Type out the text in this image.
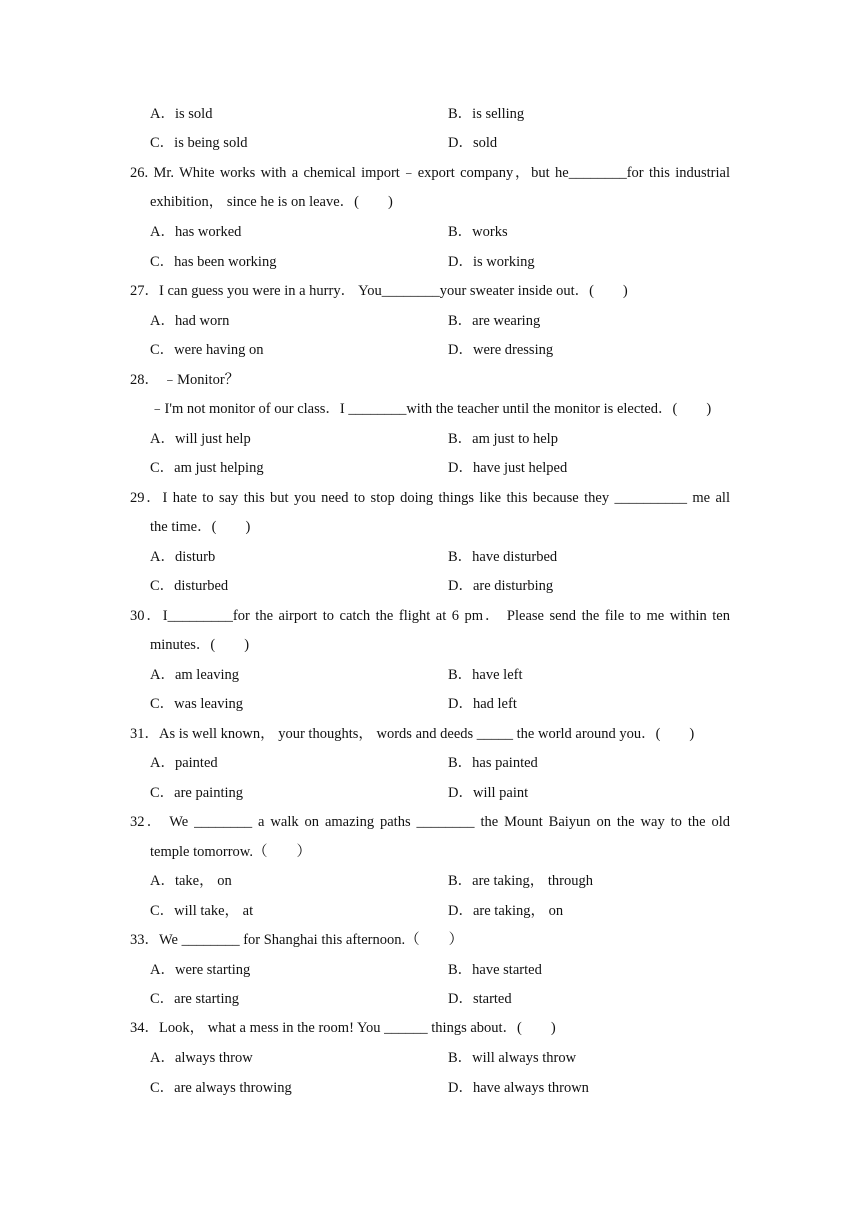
A．is sold	B．is selling
C．is being sold	D．sold
26. Mr. White works with a chemical import﹣export company，but he________for this industrial
exhibition， since he is on leave．(　　)
A．has worked	B．works
C．has been working	D．is working
27．I can guess you were in a hurry． You________your sweater inside out．(　　)
A．had worn	B．are wearing
C．were having on	D．were dressing
28． ﹣Monitor？
﹣I'm not monitor of our class．I ________with the teacher until the monitor is elected．(　　)
A．will just help	B．am just to help
C．am just helping	D．have just helped
29．I hate to say this but you need to stop doing things like this because they __________ me all
the time．(　　)
A．disturb	B．have disturbed
C．disturbed	D．are disturbing
30．I_________for the airport to catch the flight at 6 pm． Please send the file to me within ten
minutes．(　　)
A．am leaving	B．have left
C．was leaving	D．had left
31．As is well known， your thoughts， words and deeds _____ the world around you．(　　)
A．painted	B．has painted
C．are painting	D．will paint
32． We ________ a walk on amazing paths ________ the Mount Baiyun on the way to the old
temple tomorrow.（　　）
A．take， on	B．are taking， through
C．will take， at	D．are taking， on
33．We ________ for Shanghai this afternoon.（　　）
A．were starting	B．have started
C．are starting	D．started
34．Look， what a mess in the room! You ______ things about．(　　)
A．always throw	B．will always throw
C．are always throwing	D．have always thrown
